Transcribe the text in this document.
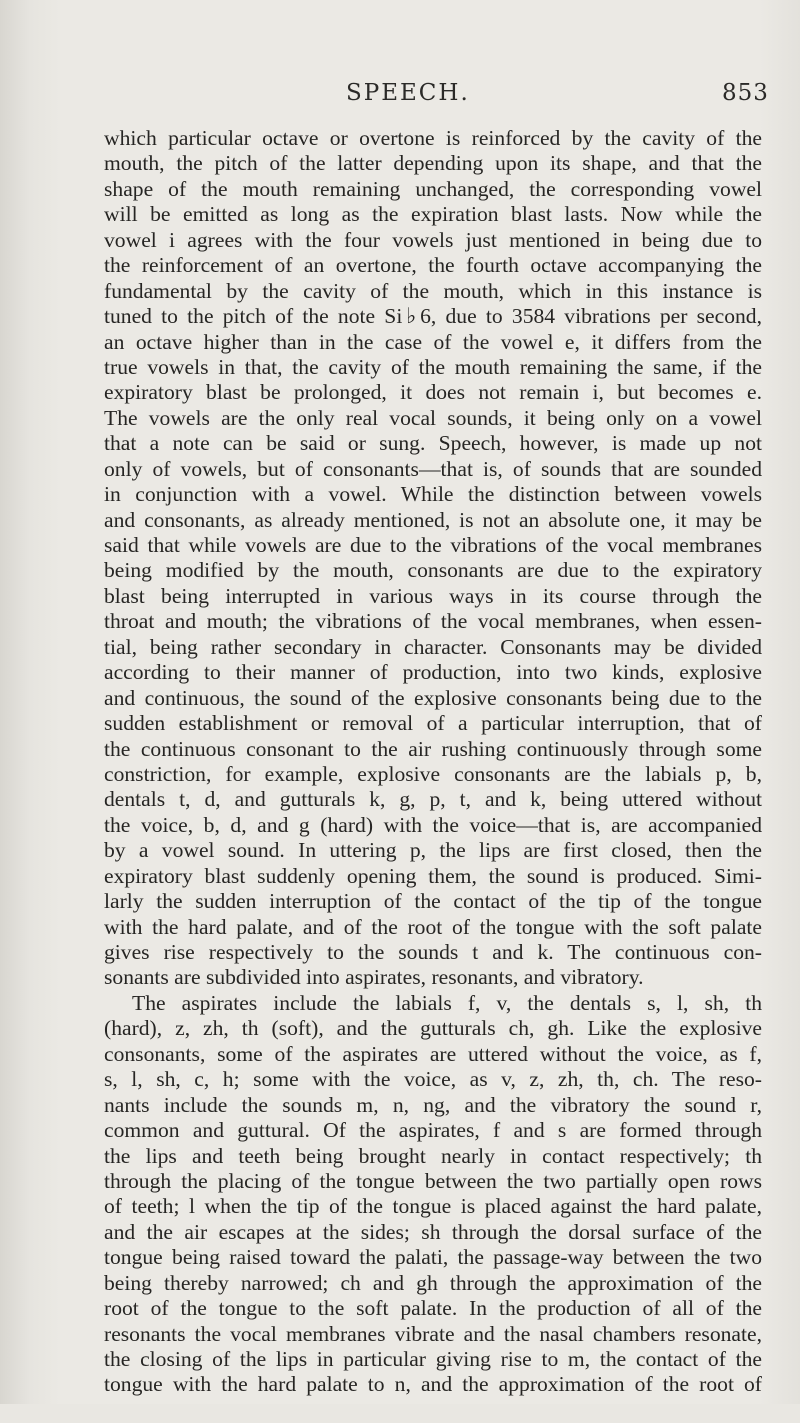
SPEECH.	853
which particular octave or overtone is reinforced by the cavity of the
mouth, the pitch of the latter depending upon its shape, and that the
shape of the mouth remaining unchanged, the corresponding vowel
will be emitted as long as the expiration blast lasts. Now while the
vowel i agrees with the four vowels just mentioned in being due to
the reinforcement of an overtone, the fourth octave accompanying the
fundamental by the cavity of the mouth, which in this instance is
tuned to the pitch of the note Si♭6, due to 3584 vibrations per second,
an octave higher than in the case of the vowel e, it differs from the
true vowels in that, the cavity of the mouth remaining the same, if the
expiratory blast be prolonged, it does not remain i, but becomes e.
The vowels are the only real vocal sounds, it being only on a vowel
that a note can be said or sung. Speech, however, is made up not
only of vowels, but of consonants—that is, of sounds that are sounded
in conjunction with a vowel. While the distinction between vowels
and consonants, as already mentioned, is not an absolute one, it may be
said that while vowels are due to the vibrations of the vocal membranes
being modified by the mouth, consonants are due to the expiratory
blast being interrupted in various ways in its course through the
throat and mouth; the vibrations of the vocal membranes, when essen-
tial, being rather secondary in character. Consonants may be divided
according to their manner of production, into two kinds, explosive
and continuous, the sound of the explosive consonants being due to the
sudden establishment or removal of a particular interruption, that of
the continuous consonant to the air rushing continuously through some
constriction, for example, explosive consonants are the labials p, b,
dentals t, d, and gutturals k, g, p, t, and k, being uttered without
the voice, b, d, and g (hard) with the voice—that is, are accompanied
by a vowel sound. In uttering p, the lips are first closed, then the
expiratory blast suddenly opening them, the sound is produced. Simi-
larly the sudden interruption of the contact of the tip of the tongue
with the hard palate, and of the root of the tongue with the soft palate
gives rise respectively to the sounds t and k. The continuous con-
sonants are subdivided into aspirates, resonants, and vibratory.
The aspirates include the labials f, v, the dentals s, l, sh, th
(hard), z, zh, th (soft), and the gutturals ch, gh. Like the explosive
consonants, some of the aspirates are uttered without the voice, as f,
s, l, sh, c, h; some with the voice, as v, z, zh, th, ch. The reso-
nants include the sounds m, n, ng, and the vibratory the sound r,
common and guttural. Of the aspirates, f and s are formed through
the lips and teeth being brought nearly in contact respectively; th
through the placing of the tongue between the two partially open rows
of teeth; l when the tip of the tongue is placed against the hard palate,
and the air escapes at the sides; sh through the dorsal surface of the
tongue being raised toward the palati, the passage-way between the two
being thereby narrowed; ch and gh through the approximation of the
root of the tongue to the soft palate. In the production of all of the
resonants the vocal membranes vibrate and the nasal chambers resonate,
the closing of the lips in particular giving rise to m, the contact of the
tongue with the hard palate to n, and the approximation of the root of
